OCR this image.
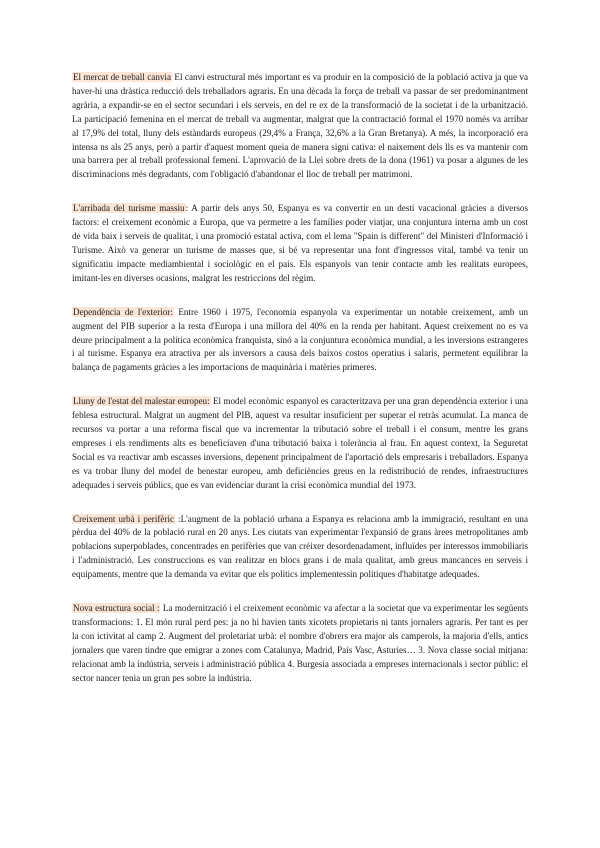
El mercat de treball canvia El canvi estructural més important es va produir en la composició de la població activa ja que va haver-hi una dràstica reducció dels treballadors agraris. En una dècada la força de treball va passar de ser predominantment agrària, a expandir-se en el sector secundari i els serveis, en del re ex de la transformació de la societat i de la urbanització. La participació femenina en el mercat de treball va augmentar, malgrat que la contractació formal el 1970 només va arribar al 17,9% del total, lluny dels estàndards europeus (29,4% a França, 32,6% a la Gran Bretanya). A més, la incorporació era intensa ns als 25 anys, però a partir d'aquest moment queia de manera signi cativa: el naixement dels lls es va mantenir com una barrera per al treball professional femení. L'aprovació de la Llei sobre drets de la dona (1961) va posar a algunes de les discriminacions més degradants, com l'obligació d'abandonar el lloc de treball per matrimoni.

L'arribada del turisme massiu: A partir dels anys 50, Espanya es va convertir en un destí vacacional gràcies a diversos factors: el creixement econòmic a Europa, que va permetre a les famílies poder viatjar, una conjuntura interna amb un cost de vida baix i serveis de qualitat, i una promoció estatal activa, com el lema "Spain is different" del Ministeri d'Informació i Turisme. Això va generar un turisme de masses que, si bé va representar una font d'ingressos vital, també va tenir un significatiu impacte mediambiental i sociològic en el país. Els espanyols van tenir contacte amb les realitats europees, imitant-les en diverses ocasions, malgrat les restriccions del règim.

Dependència de l'exterior: Entre 1960 i 1975, l'economia espanyola va experimentar un notable creixement, amb un augment del PIB superior a la resta d'Europa i una millora del 40% en la renda per habitant. Aquest creixement no es va deure principalment a la política econòmica franquista, sinó a la conjuntura econòmica mundial, a les inversions estrangeres i al turisme. Espanya era atractiva per als inversors a causa dels baixos costos operatius i salaris, permetent equilibrar la balança de pagaments gràcies a les importacions de maquinària i matèries primeres.

Lluny de l'estat del malestar europeu: El model econòmic espanyol es caracteritzava per una gran dependència exterior i una feblesa estructural. Malgrat un augment del PIB, aquest va resultar insuficient per superar el retràs acumulat. La manca de recursos va portar a una reforma fiscal que va incrementar la tributació sobre el treball i el consum, mentre les grans empreses i els rendiments alts es beneficiaven d'una tributació baixa i tolerància al frau. En aquest context, la Seguretat Social es va reactivar amb escasses inversions, depenent principalment de l'aportació dels empresaris i treballadors. Espanya es va trobar lluny del model de benestar europeu, amb deficiències greus en la redistribució de rendes, infraestructures adequades i serveis públics, que es van evidenciar durant la crisi econòmica mundial del 1973.

Creixement urbà i perifèric :L'augment de la població urbana a Espanya es relaciona amb la immigració, resultant en una pèrdua del 40% de la població rural en 20 anys. Les ciutats van experimentar l'expansió de grans àrees metropolitanes amb poblacions superpoblades, concentrades en perifèries que van créixer desordenadament, influïdes per interessos immobiliaris i l'administració. Les construccions es van realitzar en blocs grans i de mala qualitat, amb greus mancances en serveis i equipaments, mentre que la demanda va evitar que els polítics implementessin polítiques d'habitatge adequades.

Nova estructura social : La modernització i el creixement econòmic va afectar a la societat que va experimentar les següents transformacions: 1. El món rural perd pes: ja no hi havien tants xicotets propietaris ni tants jornalers agraris. Per tant es per la con ictivitat al camp 2. Augment del proletariat urbà: el nombre d'obrers era major als camperols, la majoria d'ells, antics jornalers que varen tindre que emigrar a zones com Catalunya, Madrid, País Vasc, Asturies… 3. Nova classe social mitjana: relacionat amb la indústria, serveis i administració pública 4. Burgesia associada a empreses internacionals i sector públic: el sector nancer tenia un gran pes sobre la indústria.
